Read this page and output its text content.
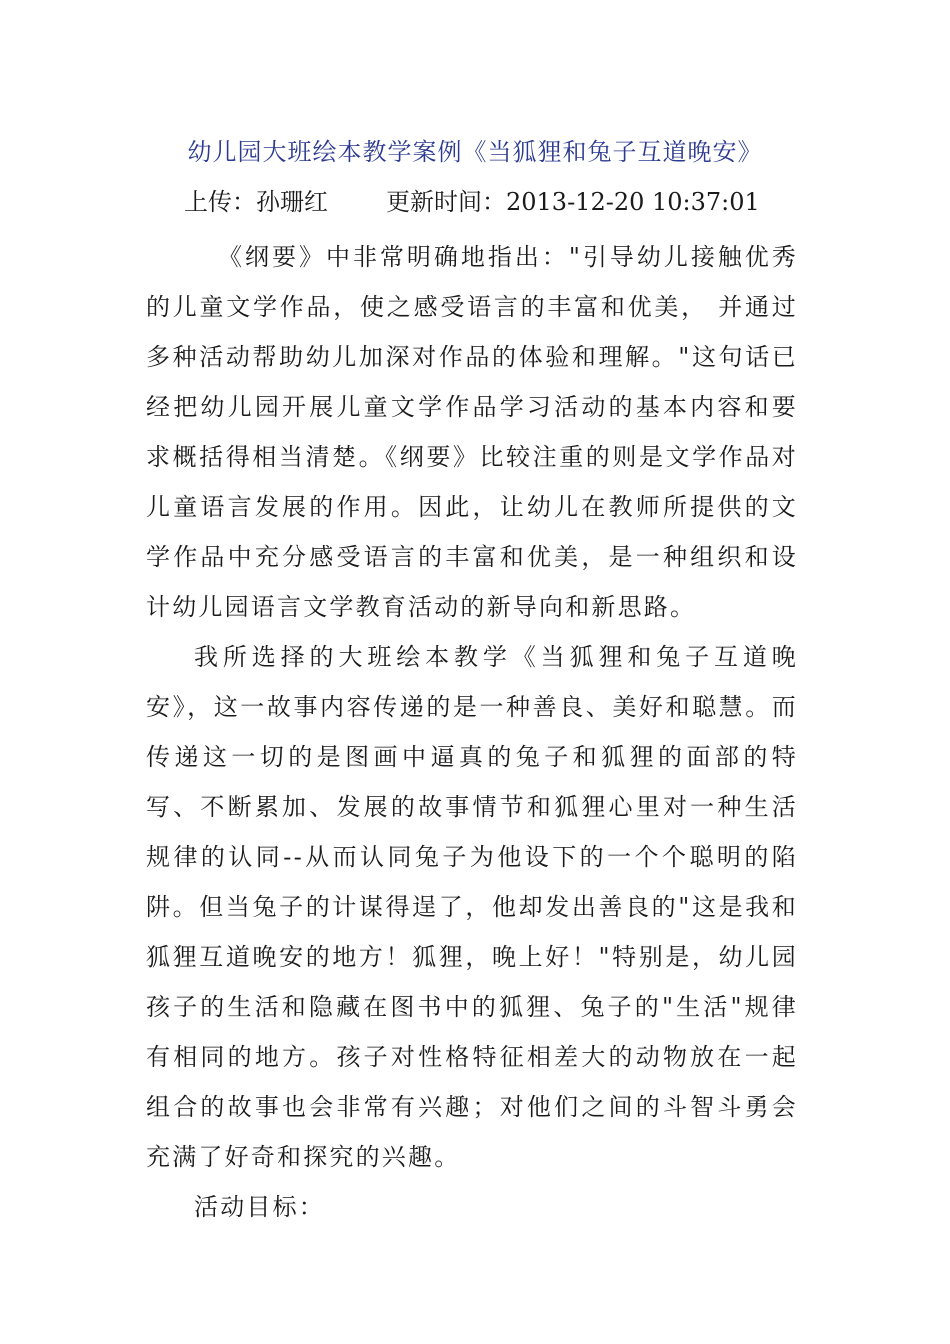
幼儿园大班绘本教学案例《当狐狸和兔子互道晚安》
上传：孙珊红 更新时间：2013-12-20 10:37:01

《纲要》中非常明确地指出："引导幼儿接触优秀的儿童文学作品，使之感受语言的丰富和优美， 并通过多种活动帮助幼儿加深对作品的体验和理解。"这句话已经把幼儿园开展儿童文学作品学习活动的基本内容和要求概括得相当清楚。《纲要》比较注重的则是文学作品对儿童语言发展的作用。因此，让幼儿在教师所提供的文学作品中充分感受语言的丰富和优美，是一种组织和设计幼儿园语言文学教育活动的新导向和新思路。

我所选择的大班绘本教学《当狐狸和兔子互道晚安》，这一故事内容传递的是一种善良、美好和聪慧。而传递这一切的是图画中逼真的兔子和狐狸的面部的特写、不断累加、发展的故事情节和狐狸心里对一种生活规律的认同--从而认同兔子为他设下的一个个聪明的陷阱。但当兔子的计谋得逞了，他却发出善良的"这是我和狐狸互道晚安的地方！狐狸，晚上好！"特别是，幼儿园孩子的生活和隐藏在图书中的狐狸、兔子的"生活"规律有相同的地方。孩子对性格特征相差大的动物放在一起组合的故事也会非常有兴趣；对他们之间的斗智斗勇会充满了好奇和探究的兴趣。

活动目标：
